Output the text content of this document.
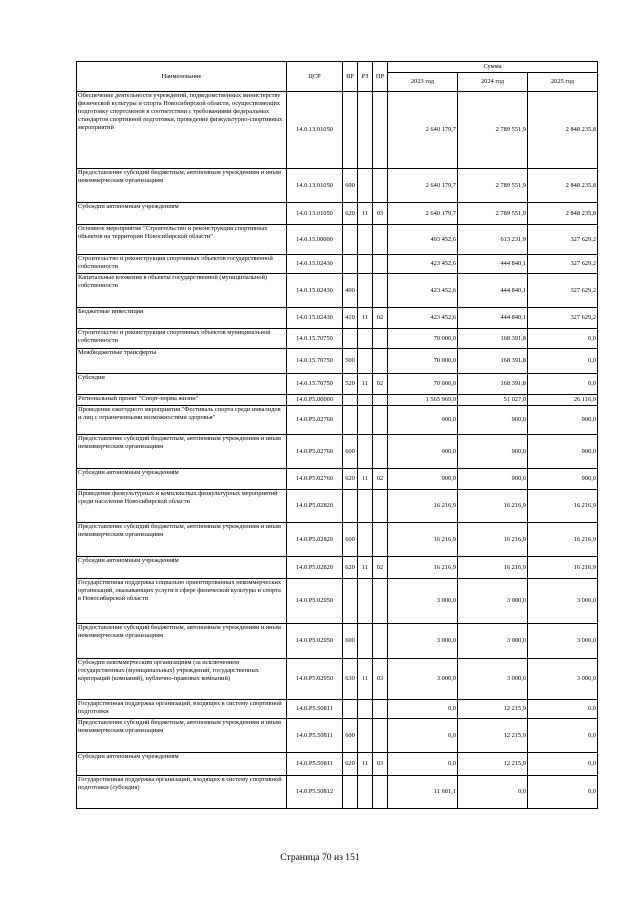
Наименование	ЦСР	ВР	РЗ	ПР	Сумма		
					2023 год	2024 год	2025 год
Обеспечение деятельности учреждений, подведомственных министерству физической культуры и спорта Новосибирской области, осуществляющих подготовку спортсменов в соответствии с требованиями федеральных стандартов спортивной подготовки, проведение физкультурно-спортивных мероприятий	14.0.13.01050				2 640 179,7	2 789 551,9	2 848 235,8
Предоставление субсидий бюджетным, автономным учреждениям и иным некоммерческим организациям	14.0.13.01050	600			2 640 179,7	2 789 551,9	2 848 235,8
Субсидии автономным учреждениям	14.0.13.01050	620	11	03	2 640 179,7	2 789 551,9	2 848 235,8
Основное мероприятие "Строительство и реконструкция спортивных объектов на территории Новосибирской области"	14.0.15.00000				493 452,6	613 231,9	327 629,2
Строительство и реконструкция спортивных объектов государственной собственности	14.0.15.02430				423 452,6	444 840,1	327 629,2
Капитальные вложения в объекты государственной (муниципальной) собственности	14.0.15.02430	400			423 452,6	444 840,1	327 629,2
Бюджетные инвестиции	14.0.15.02430	410	11	02	423 452,6	444 840,1	327 629,2
Строительство и реконструкция спортивных объектов муниципальной собственности	14.0.15.70750				70 000,0	168 391,8	0,0
Межбюджетные трансферты	14.0.15.70750	500			70 000,0	168 391,8	0,0
Субсидии	14.0.15.70750	520	11	02	70 000,0	168 391,8	0,0
Региональный проект "Спорт-норма жизни"	14.0.P5.00000				1 565 969,0	51 027,0	26 116,9
Проведение ежегодного мероприятия "Фестиваль спорта среди инвалидов и лиц с ограниченными возможностями здоровья"	14.0.P5.02760				900,0	900,0	900,0
Предоставление субсидий бюджетным, автономным учреждениям и иным некоммерческим организациям	14.0.P5.02760	600			900,0	900,0	900,0
Субсидии автономным учреждениям	14.0.P5.02760	620	11	02	900,0	900,0	900,0
Проведение физкультурных и комплексных физкультурных мероприятий среди населения Новосибирской области	14.0.P5.02820				16 216,9	16 216,9	16 216,9
Предоставление субсидий бюджетным, автономным учреждениям и иным некоммерческим организациям	14.0.P5.02820	600			16 216,9	16 216,9	16 216,9
Субсидии автономным учреждениям	14.0.P5.02820	620	11	02	16 216,9	16 216,9	16 216,9
Государственная поддержка социально ориентированных некоммерческих организаций, оказывающих услуги в сфере физической культуры и спорта в Новосибирской области	14.0.P5.02950				3 000,0	3 000,0	3 000,0
Предоставление субсидий бюджетным, автономным учреждениям и иным некоммерческим организациям	14.0.P5.02950	600			3 000,0	3 000,0	3 000,0
Субсидии некоммерческим организациям (за исключением государственных (муниципальных) учреждений, государственных корпораций (компаний), публично-правовых компаний)	14.0.P5.02950	630	11	03	3 000,0	3 000,0	3 000,0
Государственная поддержка организаций, входящих в систему спортивной подготовки	14.0.P5.50811				0,0	12 215,9	0,0
Предоставление субсидий бюджетным, автономным учреждениям и иным некоммерческим организациям	14.0.P5.50811	600			0,0	12 215,9	0,0
Субсидии автономным учреждениям	14.0.P5.50811	620	11	03	0,0	12 215,9	0,0
Государственная поддержка организаций, входящих в систему спортивной подготовки (субсидия)	14.0.P5.50812				11 681,1	0,0	0,0
Страница 70 из 151
